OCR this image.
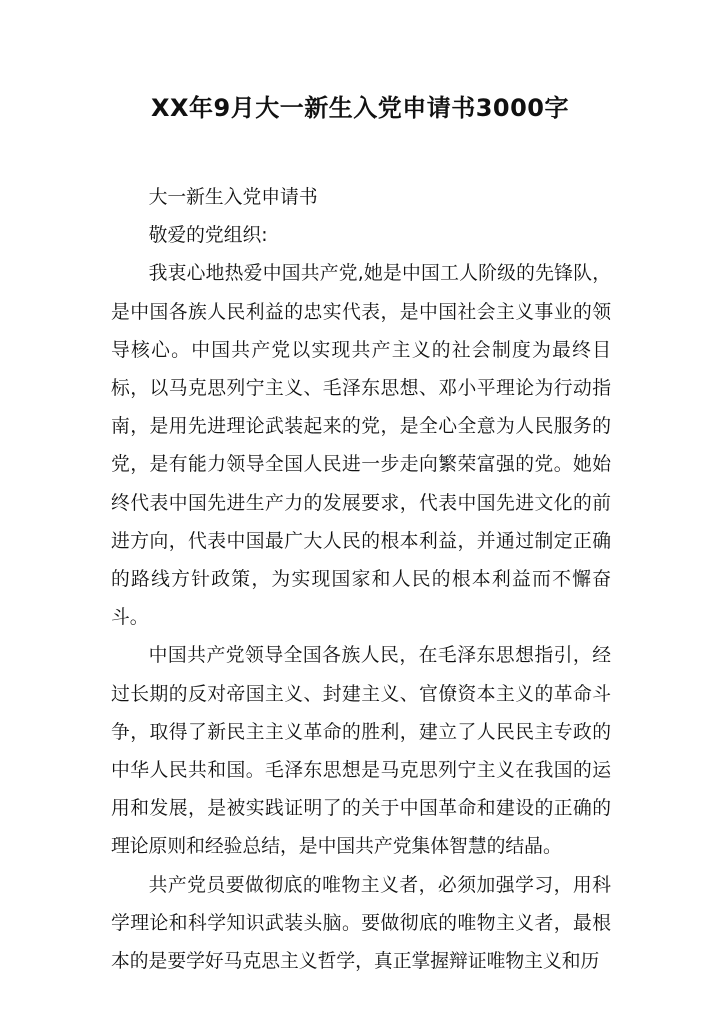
XX年9月大一新生入党申请书3000字

大一新生入党申请书

敬爱的党组织:

我衷心地热爱中国共产党,她是中国工人阶级的先锋队，是中国各族人民利益的忠实代表，是中国社会主义事业的领导核心。中国共产党以实现共产主义的社会制度为最终目标，以马克思列宁主义、毛泽东思想、邓小平理论为行动指南，是用先进理论武装起来的党，是全心全意为人民服务的党，是有能力领导全国人民进一步走向繁荣富强的党。她始终代表中国先进生产力的发展要求，代表中国先进文化的前进方向，代表中国最广大人民的根本利益，并通过制定正确的路线方针政策，为实现国家和人民的根本利益而不懈奋斗。

中国共产党领导全国各族人民，在毛泽东思想指引，经过长期的反对帝国主义、封建主义、官僚资本主义的革命斗争，取得了新民主主义革命的胜利，建立了人民民主专政的中华人民共和国。毛泽东思想是马克思列宁主义在我国的运用和发展，是被实践证明了的关于中国革命和建设的正确的理论原则和经验总结，是中国共产党集体智慧的结晶。

共产党员要做彻底的唯物主义者，必须加强学习，用科学理论和科学知识武装头脑。要做彻底的唯物主义者，最根本的是要学好马克思主义哲学，真正掌握辩证唯物主义和历
